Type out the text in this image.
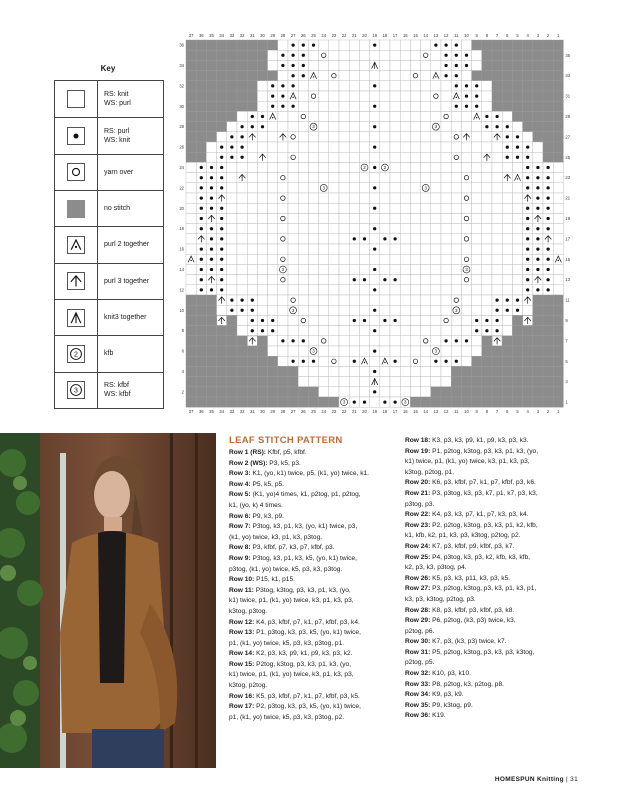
Key
RS: knit
WS: purl
RS: purl
WS: knit
yarn over
no stitch
purl 2 together
purl 3 together
knit3 together
2	kfb
3
RS: kfbf
WS: kfbf
3
3
2
2
3
3
3
3
3
3
3
3
3
3
37
37
36
36
35
35
34
34
33
33
32
32
31
31
30
30
29
29
28
28
27
27
26
26
25
25
24
24
23
23
22
22
21
21
20
20
19
19
18
18
17
17
16
16
15
15
14
14
13
13
12
12
11
11
10
10
9
9
8
8
7
7
6
6
5
5
4
4
3
3
2
2
1
1
36
35
34
33
32
31
30
29
28
27
26
25
24
23
22
21
20
19
18
17
16
15
14
13
12
11
10
9
8
7
6
5
4
3
2
1
LEAF STITCH PATTERN
Row 1 (RS): Kfbf, p5, kfbf.
Row 2 (WS): P3, k5, p3.
Row 3: K1, (yo, k1) twice, p5, (k1, yo) twice, k1.
Row 4: P5, k5, p5.
Row 5: (K1, yo)4 times, k1, p2tog, p1, p2tog,
k1, (yo, k) 4 times.
Row 6: P9, k3, p9.
Row 7: P3tog, k3, p1, k3, (yo, k1) twice, p3,
(k1, yo) twice, k3, p1, k3, p3tog.
Row 8: P3, kfbf, p7, k3, p7, kfbf, p3.
Row 9: P3tog, k3, p1, k3, k5, (yo, k1) twice,
p3tog, (k1, yo) twice, k5, p3, k3, p3tog.
Row 10: P15, k1, p15.
Row 11: P3tog, k3tog, p3, k3, p1, k3, (yo,
k1) twice, p1, (k1, yo) twice, k3, p1, k3, p3,
k3tog, p3tog.
Row 12: K4, p3, kfbf, p7, k1, p7, kfbf, p3, k4.
Row 13: P1, p3tog, k3, p3, k5, (yo, k1) twice,
p1, (k1, yo) twice, k5, p3, k3, p3tog, p1.
Row 14: K2, p3, k3, p9, k1, p9, k3, p3, k2.
Row 15: P2tog, k3tog, p3, k3, p1, k3, (yo,
k1) twice, p1, (k1, yo) twice, k3, p1, k3, p3,
k3tog, p2tog.
Row 16: K5, p3, kfbf, p7, k1, p7, kfbf, p3, k5.
Row 17: P2, p3tog, k3, p3, k5, (yo, k1) twice,
p1, (k1, yo) twice, k5, p3, k3, p3tog, p2.
Row 18: K3, p3, k3, p9, k1, p9, k3, p3, k3.
Row 19: P1, p2tog, k3tog, p3, k3, p1, k3, (yo,
k1) twice, p1, (k1, yo) twice, k3, p1, k3, p3,
k3tog, p2tog, p1.
Row 20: K6, p3, kfbf, p7, k1, p7, kfbf, p3, k6.
Row 21: P3, p3tog, k3, p3, k7, p1, k7, p3, k3,
p3tog, p3.
Row 22: K4, p3, k3, p7, k1, p7, k3, p3, k4.
Row 23: P2, p2tog, k3tog, p3, k3, p1, k2, kfb,
k1, kfb, k2, p1, k3, p3, k3tog, p2tog, p2.
Row 24: K7, p3, kfbf, p9, kfbf, p3, k7.
Row 25: P4, p3tog, k3, p3, k2, kfb, k3, kfb,
k2, p3, k3, p3tog, p4.
Row 26: K5, p3, k3, p11, k3, p3, k5.
Row 27: P3, p2tog, k3tog, p3, k3, p1, k3, p1,
k3, p3, k3tog, p2tog, p3.
Row 28: K8, p3, kfbf, p3, kfbf, p3, k8.
Row 29: P6, p2tog, (k3, p3) twice, k3,
p2tog, p6.
Row 30: K7, p3, (k3, p3) twice, k7.
Row 31: P5, p2tog, k3tog, p3, k3, p3, k3tog,
p2tog, p5.
Row 32: K10, p3, k10.
Row 33: P8, p2tog, k3, p2tog, p8.
Row 34: K9, p3, k9.
Row 35: P9, k3tog, p9.
Row 36: K19.
HOMESPUN Knitting | 31
